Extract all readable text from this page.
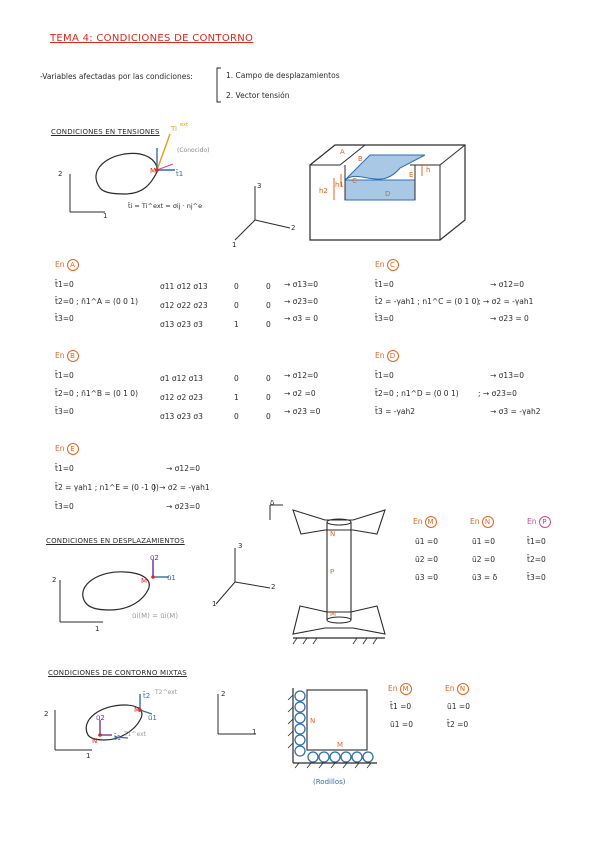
TEMA 4: CONDICIONES DE CONTORNO
-Variables afectadas por las condiciones:	1. Campo de desplazamientos
2. Vector tensión
CONDICIONES EN TENSIONES
2
1
Ti ext
(Conocido)
M	t̄1
t̄i = Ti^ext = σij · nj^e
3
2
1
A
B
C
D
E
h1
h2
h
En A
t̄1=0
t̄2=0 ; n̄1^A = (0 0 1)
t̄3=0
σ11 σ12 σ13
σ12 σ22 σ23
σ13 σ23 σ3
0
0
1
0
0
0
→ σ13=0
→ σ23=0
→ σ3 = 0
En C
t̄1=0
t̄2 = -γah1 ; n1^C = (0 1 0)
t̄3=0
→ σ12=0
; → σ2 = -γah1
→ σ23 = 0
En B
t̄1=0
t̄2=0 ; n̄1^B = (0 1 0)
t̄3=0
σ1 σ12 σ13
σ12 σ2 σ23
σ13 σ23 σ3
0
1
0
0
0
0
→ σ12=0
→ σ2 =0
→ σ23 =0
En D
t̄1=0
t̄2=0 ; n1^D = (0 0 1)
t̄3 = -γah2
→ σ13=0
; → σ23=0
→ σ3 = -γah2
En E
t̄1=0
t̄2 = γah1 ; n1^E = (0 -1 0)
t̄3=0
→ σ12=0
} → σ2 = -γah1
→ σ23=0
CONDICIONES EN DESPLAZAMIENTOS
ū2
ū1
M
ūi(M) = ūi(M)
2
1
3
2
1
δ
N
P
M
En M
ū1 =0
ū2 =0
ū3 =0
En N
ū1 =0
ū2 =0
ū3 = δ
En P
t̄1=0
t̄2=0
t̄3=0
CONDICIONES DE CONTORNO MIXTAS
t̄2 T2^ext
ū1
ū2
M
N t̄1 T1^ext
2
1
2
1
N
M
(Rodillos)
En M
t̄1 =0
ū1 =0
En N
ū1 =0
t̄2 =0
